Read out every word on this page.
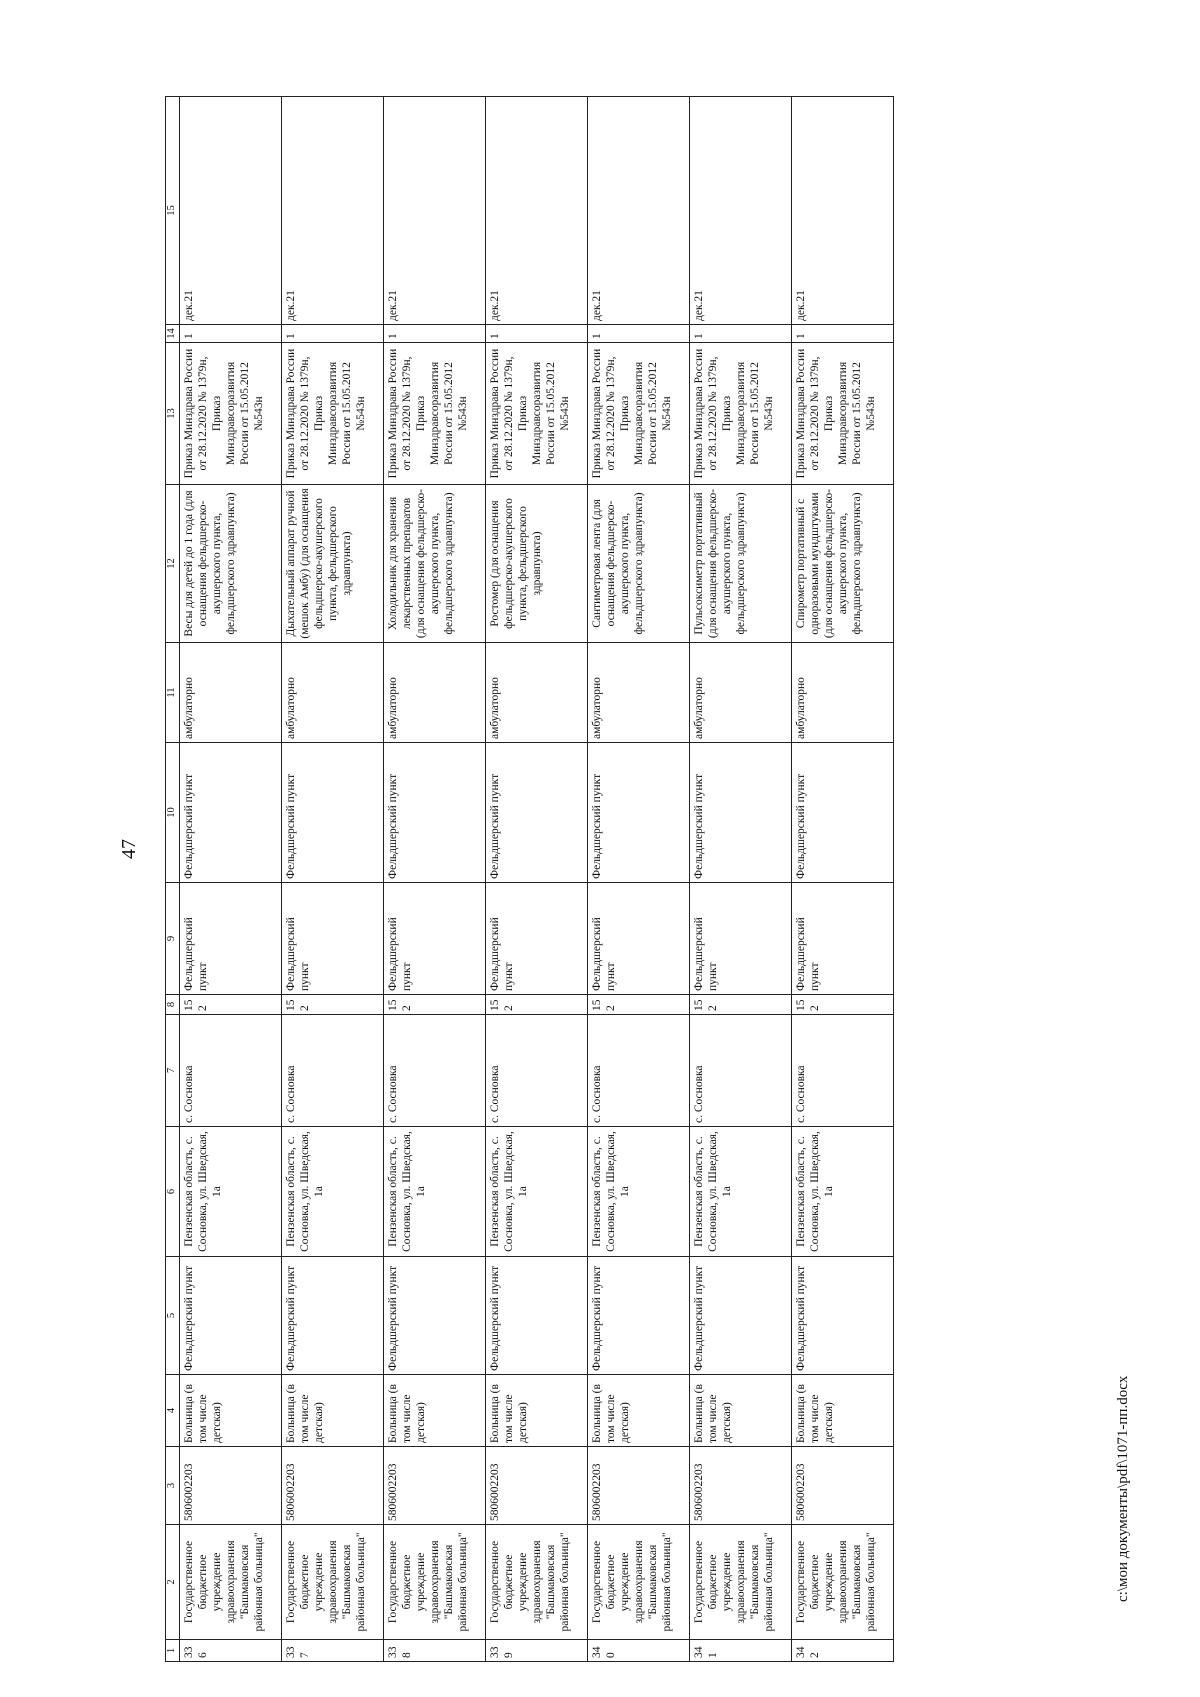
47
1	2	3	4	5	6	7	8	9	10	11	12	13	14	15
336	Государственное бюджетное учреждение здравоохранения "Башмаковская районная больница"	5806002203	Больница (в том числе детская)	Фельдшерский пункт	Пензенская область, с. Сосновка, ул. Шведская, 1а	с. Сосновка	152	Фельдшерский пункт	Фельдшерский пункт	амбулаторно	Весы для детей до 1 года (для оснащения фельдшерско-акушерского пункта, фельдшерского здравпункта)	Приказ Минздрава России от 28.12.2020 № 1379н, Приказ Минздравсоразвития России от 15.05.2012 №543н	1	дек.21
337	Государственное бюджетное учреждение здравоохранения "Башмаковская районная больница"	5806002203	Больница (в том числе детская)	Фельдшерский пункт	Пензенская область, с. Сосновка, ул. Шведская, 1а	с. Сосновка	152	Фельдшерский пункт	Фельдшерский пункт	амбулаторно	Дыхательный аппарат ручной (мешок Амбу) (для оснащения фельдшерско-акушерского пункта, фельдшерского здравпункта)	Приказ Минздрава России от 28.12.2020 № 1379н, Приказ Минздравсоразвития России от 15.05.2012 №543н	1	дек.21
338	Государственное бюджетное учреждение здравоохранения "Башмаковская районная больница"	5806002203	Больница (в том числе детская)	Фельдшерский пункт	Пензенская область, с. Сосновка, ул. Шведская, 1а	с. Сосновка	152	Фельдшерский пункт	Фельдшерский пункт	амбулаторно	Холодильник для хранения лекарственных препаратов (для оснащения фельдшерско-акушерского пункта, фельдшерского здравпункта)	Приказ Минздрава России от 28.12.2020 № 1379н, Приказ Минздравсоразвития России от 15.05.2012 №543н	1	дек.21
339	Государственное бюджетное учреждение здравоохранения "Башмаковская районная больница"	5806002203	Больница (в том числе детская)	Фельдшерский пункт	Пензенская область, с. Сосновка, ул. Шведская, 1а	с. Сосновка	152	Фельдшерский пункт	Фельдшерский пункт	амбулаторно	Ростомер (для оснащения фельдшерско-акушерского пункта, фельдшерского здравпункта)	Приказ Минздрава России от 28.12.2020 № 1379н, Приказ Минздравсоразвития России от 15.05.2012 №543н	1	дек.21
340	Государственное бюджетное учреждение здравоохранения "Башмаковская районная больница"	5806002203	Больница (в том числе детская)	Фельдшерский пункт	Пензенская область, с. Сосновка, ул. Шведская, 1а	с. Сосновка	152	Фельдшерский пункт	Фельдшерский пункт	амбулаторно	Сантиметровая лента (для оснащения фельдшерско-акушерского пункта, фельдшерского здравпункта)	Приказ Минздрава России от 28.12.2020 № 1379н, Приказ Минздравсоразвития России от 15.05.2012 №543н	1	дек.21
341	Государственное бюджетное учреждение здравоохранения "Башмаковская районная больница"	5806002203	Больница (в том числе детская)	Фельдшерский пункт	Пензенская область, с. Сосновка, ул. Шведская, 1а	с. Сосновка	152	Фельдшерский пункт	Фельдшерский пункт	амбулаторно	Пульсоксиметр портативный (для оснащения фельдшерско-акушерского пункта, фельдшерского здравпункта)	Приказ Минздрава России от 28.12.2020 № 1379н, Приказ Минздравсоразвития России от 15.05.2012 №543н	1	дек.21
342	Государственное бюджетное учреждение здравоохранения "Башмаковская районная больница"	5806002203	Больница (в том числе детская)	Фельдшерский пункт	Пензенская область, с. Сосновка, ул. Шведская, 1а	с. Сосновка	152	Фельдшерский пункт	Фельдшерский пункт	амбулаторно	Спирометр портативный с одноразовыми мундштуками (для оснащения фельдшерско-акушерского пункта, фельдшерского здравпункта)	Приказ Минздрава России от 28.12.2020 № 1379н, Приказ Минздравсоразвития России от 15.05.2012 №543н	1	дек.21
c:\мои документы\pdf\1071-пп.docx
